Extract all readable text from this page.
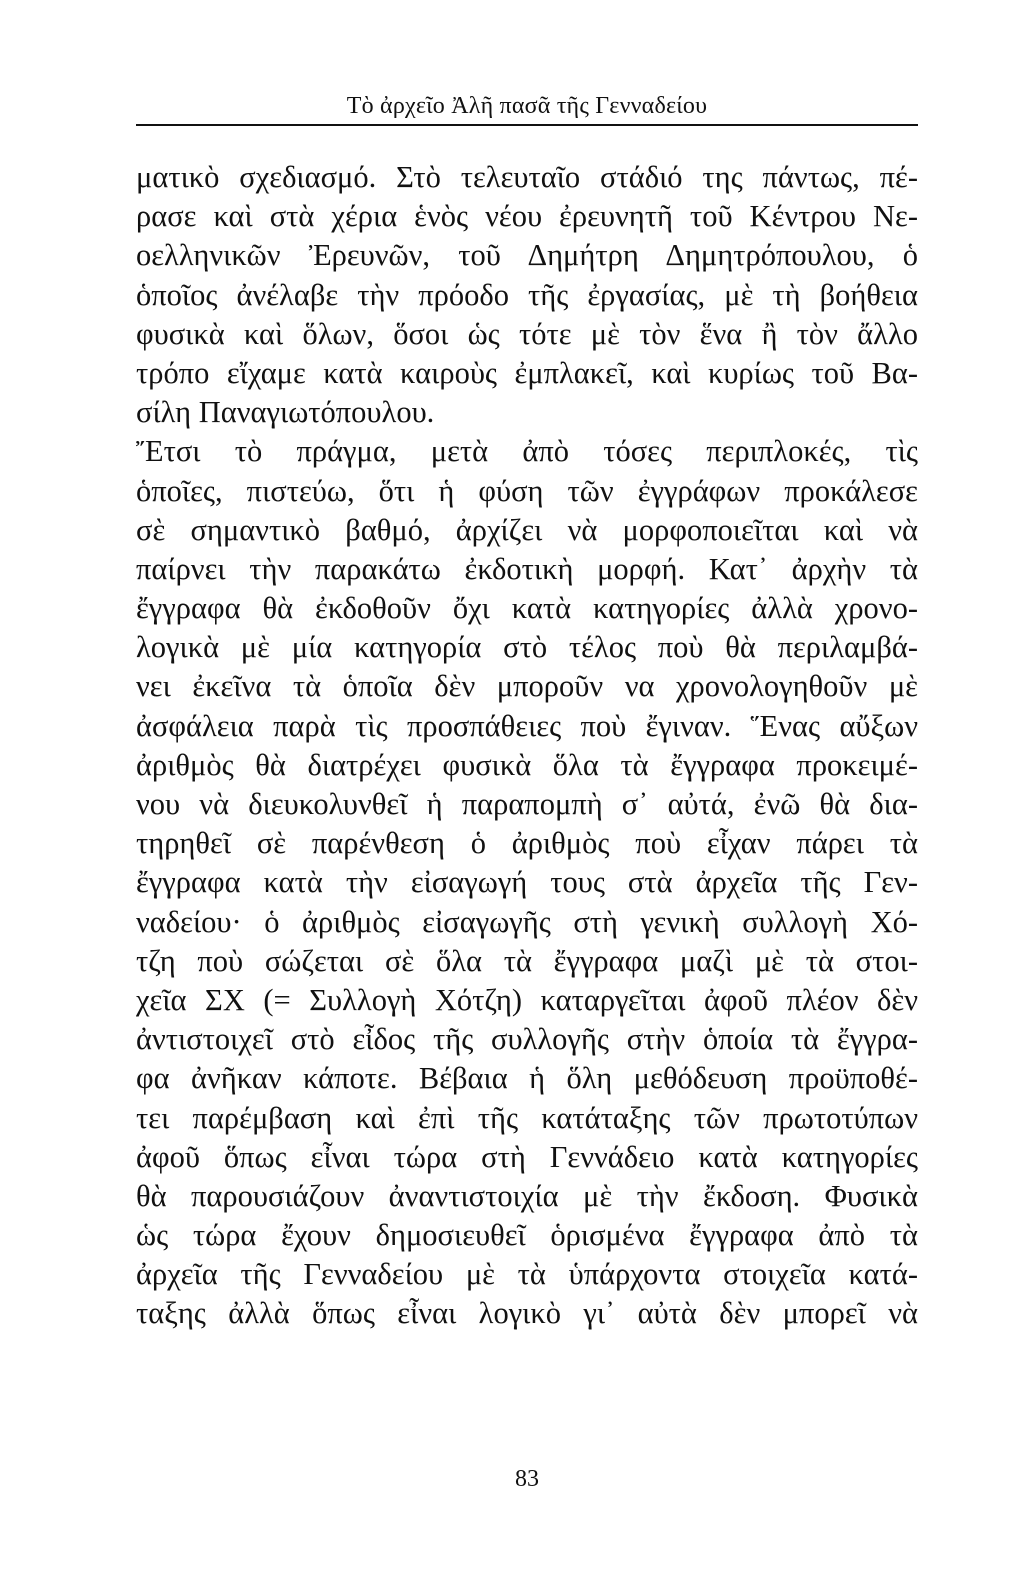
Τὸ ἀρχεῖο Ἀλῆ πασᾶ τῆς Γενναδείου
ματικὸ σχεδιασμό. Στὸ τελευταῖο στάδιό της πάντως, πέ-
ρασε καὶ στὰ χέρια ἑνὸς νέου ἐρευνητῆ τοῦ Κέντρου Νε-
οελληνικῶν Ἐρευνῶν, τοῦ Δημήτρη Δημητρόπουλου, ὁ
ὁποῖος ἀνέλαβε τὴν πρόοδο τῆς ἐργασίας, μὲ τὴ βοήθεια
φυσικὰ καὶ ὅλων, ὅσοι ὡς τότε μὲ τὸν ἕνα ἢ τὸν ἄλλο
τρόπο εἴχαμε κατὰ καιροὺς ἐμπλακεῖ, καὶ κυρίως τοῦ Βα-
σίλη Παναγιωτόπουλου.
Ἔτσι τὸ πράγμα, μετὰ ἀπὸ τόσες περιπλοκές, τὶς
ὁποῖες, πιστεύω, ὅτι ἡ φύση τῶν ἐγγράφων προκάλεσε
σὲ σημαντικὸ βαθμό, ἀρχίζει νὰ μορφοποιεῖται καὶ νὰ
παίρνει τὴν παρακάτω ἐκδοτικὴ μορφή. Κατ᾽ ἀρχὴν τὰ
ἔγγραφα θὰ ἐκδοθοῦν ὄχι κατὰ κατηγορίες ἀλλὰ χρονο-
λογικὰ μὲ μία κατηγορία στὸ τέλος ποὺ θὰ περιλαμβά-
νει ἐκεῖνα τὰ ὁποῖα δὲν μποροῦν να χρονολογηθοῦν μὲ
ἀσφάλεια παρὰ τὶς προσπάθειες ποὺ ἔγιναν. Ἕνας αὔξων
ἀριθμὸς θὰ διατρέχει φυσικὰ ὅλα τὰ ἔγγραφα προκειμέ-
νου νὰ διευκολυνθεῖ ἡ παραπομπὴ σ᾽ αὐτά, ἐνῶ θὰ δια-
τηρηθεῖ σὲ παρένθεση ὁ ἀριθμὸς ποὺ εἶχαν πάρει τὰ
ἔγγραφα κατὰ τὴν εἰσαγωγή τους στὰ ἀρχεῖα τῆς Γεν-
ναδείου· ὁ ἀριθμὸς εἰσαγωγῆς στὴ γενικὴ συλλογὴ Χό-
τζη ποὺ σώζεται σὲ ὅλα τὰ ἔγγραφα μαζὶ μὲ τὰ στοι-
χεῖα ΣΧ (= Συλλογὴ Χότζη) καταργεῖται ἀφοῦ πλέον δὲν
ἀντιστοιχεῖ στὸ εἶδος τῆς συλλογῆς στὴν ὁποία τὰ ἔγγρα-
φα ἀνῆκαν κάποτε. Βέβαια ἡ ὅλη μεθόδευση προϋποθέ-
τει παρέμβαση καὶ ἐπὶ τῆς κατάταξης τῶν πρωτοτύπων
ἀφοῦ ὅπως εἶναι τώρα στὴ Γεννάδειο κατὰ κατηγορίες
θὰ παρουσιάζουν ἀναντιστοιχία μὲ τὴν ἔκδοση. Φυσικὰ
ὡς τώρα ἔχουν δημοσιευθεῖ ὁρισμένα ἔγγραφα ἀπὸ τὰ
ἀρχεῖα τῆς Γενναδείου μὲ τὰ ὑπάρχοντα στοιχεῖα κατά-
ταξης ἀλλὰ ὅπως εἶναι λογικὸ γι᾽ αὐτὰ δὲν μπορεῖ νὰ
83
